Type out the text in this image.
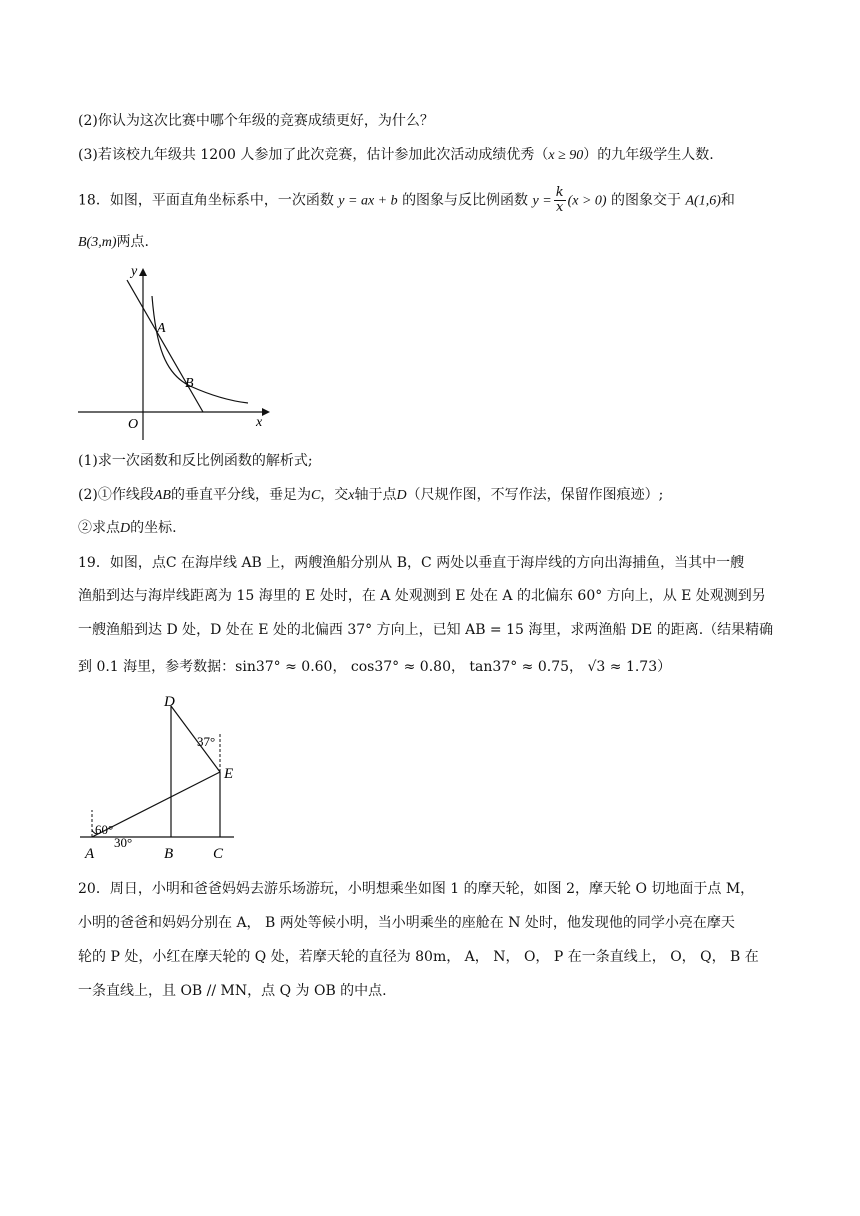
(2)你认为这次比赛中哪个年级的竞赛成绩更好，为什么？
(3)若该校九年级共 1200 人参加了此次竞赛，估计参加此次活动成绩优秀（x ≥ 90）的九年级学生人数.
18．如图，平面直角坐标系中，一次函数 y = ax + b 的图象与反比例函数 $y = \frac{k}{x} (x > 0)$ 的图象交于 A(1,6)和
B(3,m)两点.
y
x
O
A
B
(1)求一次函数和反比例函数的解析式;
(2)①作线段AB的垂直平分线，垂足为C，交x轴于点D（尺规作图，不写作法，保留作图痕迹）;
②求点D的坐标.
19．如图，点C 在海岸线 AB 上，两艘渔船分别从 B，C 两处以垂直于海岸线的方向出海捕鱼，当其中一艘
渔船到达与海岸线距离为 15 海里的 E 处时，在 A 处观测到 E 处在 A 的北偏东 60° 方向上，从 E 处观测到另
一艘渔船到达 D 处，D 处在 E 处的北偏西 37° 方向上，已知 AB = 15 海里，求两渔船 DE 的距离.（结果精确
到 0.1 海里，参考数据：sin37° ≈ 0.60， cos37° ≈ 0.80， tan37° ≈ 0.75， √3 ≈ 1.73）
D
E
A	B	C
37°
60°
30°
20．周日，小明和爸爸妈妈去游乐场游玩，小明想乘坐如图 1 的摩天轮，如图 2，摩天轮 O 切地面于点 M，
小明的爸爸和妈妈分别在 A， B 两处等候小明，当小明乘坐的座舱在 N 处时，他发现他的同学小亮在摩天
轮的 P 处，小红在摩天轮的 Q 处，若摩天轮的直径为 80m， A， N， O， P 在一条直线上， O， Q， B 在
一条直线上，且 OB // MN，点 Q 为 OB 的中点.
